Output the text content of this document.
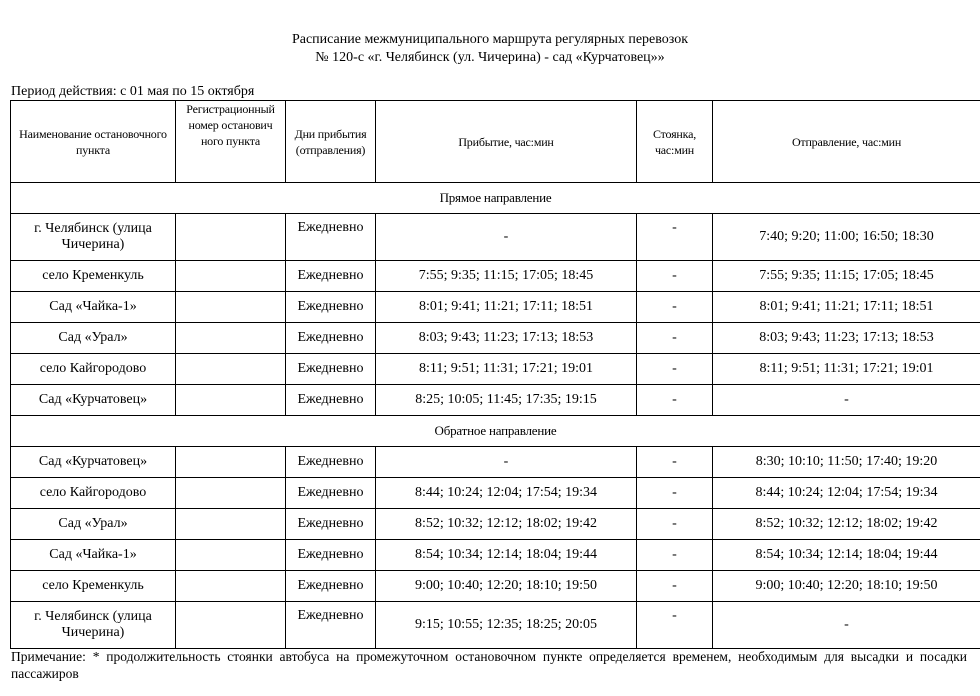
Расписание межмуниципального маршрута регулярных перевозок
№ 120-с «г. Челябинск (ул. Чичерина) - сад «Курчатовец»»
Период действия: с 01 мая по 15 октября
Наименование остановочного пункта	Регистрационный номер останович ного пункта	Дни прибытия (отправления)	Прибытие, час:мин	Стоянка, час:мин	Отправление, час:мин
Прямое направление					
г. Челябинск (улица Чичерина)		Ежедневно	-	-	7:40; 9:20; 11:00; 16:50; 18:30
село Кременкуль		Ежедневно	7:55; 9:35; 11:15; 17:05; 18:45	-	7:55; 9:35; 11:15; 17:05; 18:45
Сад «Чайка-1»		Ежедневно	8:01; 9:41; 11:21; 17:11; 18:51	-	8:01; 9:41; 11:21; 17:11; 18:51
Сад «Урал»		Ежедневно	8:03; 9:43; 11:23; 17:13; 18:53	-	8:03; 9:43; 11:23; 17:13; 18:53
село Кайгородово		Ежедневно	8:11; 9:51; 11:31; 17:21; 19:01	-	8:11; 9:51; 11:31; 17:21; 19:01
Сад «Курчатовец»		Ежедневно	8:25; 10:05; 11:45; 17:35; 19:15	-	-
Обратное направление					
Сад «Курчатовец»		Ежедневно	-	-	8:30; 10:10; 11:50; 17:40; 19:20
село Кайгородово		Ежедневно	8:44; 10:24; 12:04; 17:54; 19:34	-	8:44; 10:24; 12:04; 17:54; 19:34
Сад «Урал»		Ежедневно	8:52; 10:32; 12:12; 18:02; 19:42	-	8:52; 10:32; 12:12; 18:02; 19:42
Сад «Чайка-1»		Ежедневно	8:54; 10:34; 12:14; 18:04; 19:44	-	8:54; 10:34; 12:14; 18:04; 19:44
село Кременкуль		Ежедневно	9:00; 10:40; 12:20; 18:10; 19:50	-	9:00; 10:40; 12:20; 18:10; 19:50
г. Челябинск (улица Чичерина)		Ежедневно	9:15; 10:55; 12:35; 18:25; 20:05	-	-
Примечание: * продолжительность стоянки автобуса на промежуточном остановочном пункте определяется временем, необходимым для высадки и посадки пассажиров
